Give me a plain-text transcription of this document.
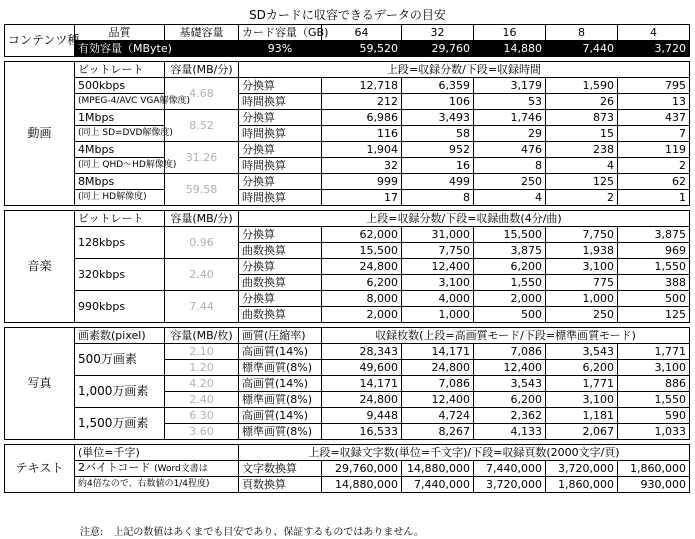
SDカードに収容できるデータの目安
コンテンツ種	品質	基礎容量	カード容量（GB)	64	32	16	8	4
	有効容量（MByte)		93%	59,520	29,760	14,880	7,440	3,720

動画	ビットレート	容量(MB/分)	上段=収録分数/下段=収録時間					
	500kbps	4.68	分換算	12,718	6,359	3,179	1,590	795
	(MPEG-4/AVC VGA解像度)		時間換算	212	106	53	26	13
	1Mbps	8.52	分換算	6,986	3,493	1,746	873	437
	(同上 SD=DVD解像度)		時間換算	116	58	29	15	7
	4Mbps	31.26	分換算	1,904	952	476	238	119
	(同上 QHD～HD解像度)		時間換算	32	16	8	4	2
	8Mbps	59.58	分換算	999	499	250	125	62
	(同上 HD解像度)		時間換算	17	8	4	2	1

音楽	ビットレート	容量(MB/分)	上段=収録分数/下段=収録曲数(4分/曲)					
	128kbps	0.96	分換算	62,000	31,000	15,500	7,750	3,875
			曲数換算	15,500	7,750	3,875	1,938	969
	320kbps	2.40	分換算	24,800	12,400	6,200	3,100	1,550
			曲数換算	6,200	3,100	1,550	775	388
	990kbps	7.44	分換算	8,000	4,000	2,000	1,000	500
			曲数換算	2,000	1,000	500	250	125

写真	画素数(pixel)	容量(MB/枚)	画質(圧縮率)	収録枚数(上段=高画質モード/下段=標準画質モード)				
	500万画素	2.10	高画質(14%)	28,343	14,171	7,086	3,543	1,771
		1.20	標準画質(8%)	49,600	24,800	12,400	6,200	3,100
	1,000万画素	4.20	高画質(14%)	14,171	7,086	3,543	1,771	886
		2.40	標準画質(8%)	24,800	12,400	6,200	3,100	1,550
	1,500万画素	6.30	高画質(14%)	9,448	4,724	2,362	1,181	590
		3.60	標準画質(8%)	16,533	8,267	4,133	2,067	1,033

テキスト	(単位=千字)		上段=収録文字数(単位=千文字)/下段=収録頁数(2000文字/頁)					
	2バイトコード (Word文書は		文字数換算	29,760,000	14,880,000	7,440,000	3,720,000	1,860,000
	約4倍なので、右数値の1/4程度)		頁数換算	14,880,000	7,440,000	3,720,000	1,860,000	930,000
注意:　上記の数値はあくまでも目安であり、保証するものではありません。
